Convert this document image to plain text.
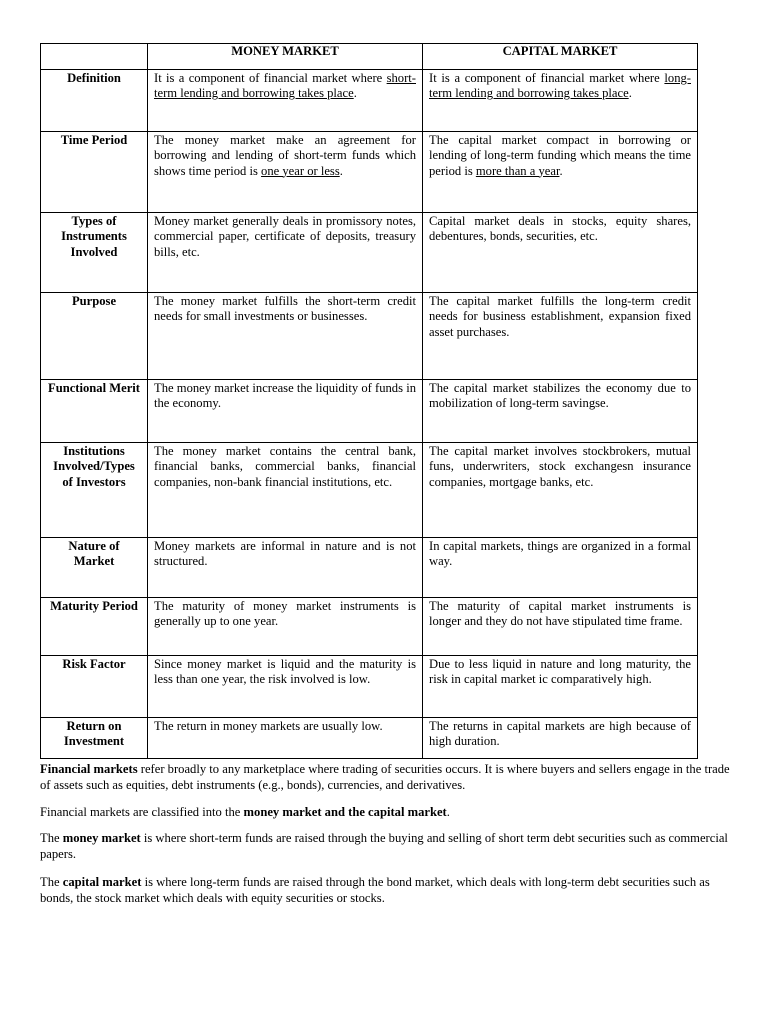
	MONEY MARKET	CAPITAL MARKET
Definition	It is a component of financial market where short-term lending and borrowing takes place.	It is a component of financial market where long-term lending and borrowing takes place.
Time Period	The money market make an agreement for borrowing and lending of short-term funds which shows time period is one year or less.	The capital market compact in borrowing or lending of long-term funding which means the time period is more than a year.
Types of Instruments Involved	Money market generally deals in promissory notes, commercial paper, certificate of deposits, treasury bills, etc.	Capital market deals in stocks, equity shares, debentures, bonds, securities, etc.
Purpose	The money market fulfills the short-term credit needs for small investments or businesses.	The capital market fulfills the long-term credit needs for business establishment, expansion fixed asset purchases.
Functional Merit	The money market increase the liquidity of funds in the economy.	The capital market stabilizes the economy due to mobilization of long-term savingse.
Institutions Involved/Types of Investors	The money market contains the central bank, financial banks, commercial banks, financial companies, non-bank financial institutions, etc.	The capital market involves stockbrokers, mutual funs, underwriters, stock exchangesn insurance companies, mortgage banks, etc.
Nature of Market	Money markets are informal in nature and is not structured.	In capital markets, things are organized in a formal way.
Maturity Period	The maturity of money market instruments is generally up to one year.	The maturity of capital market instruments is longer and they do not have stipulated time frame.
Risk Factor	Since money market is liquid and the maturity is less than one year, the risk involved is low.	Due to less liquid in nature and long maturity, the risk in capital market ic comparatively high.
Return on Investment	The return in money markets are usually low.	The returns in capital markets are high because of high duration.

Financial markets refer broadly to any marketplace where trading of securities occurs. It is where buyers and sellers engage in the trade of assets such as equities, debt instruments (e.g., bonds), currencies, and derivatives.

Financial markets are classified into the money market and the capital market.

The money market is where short-term funds are raised through the buying and selling of short term debt securities such as commercial papers.

The capital market is where long-term funds are raised through the bond market, which deals with long-term debt securities such as bonds, the stock market which deals with equity securities or stocks.
